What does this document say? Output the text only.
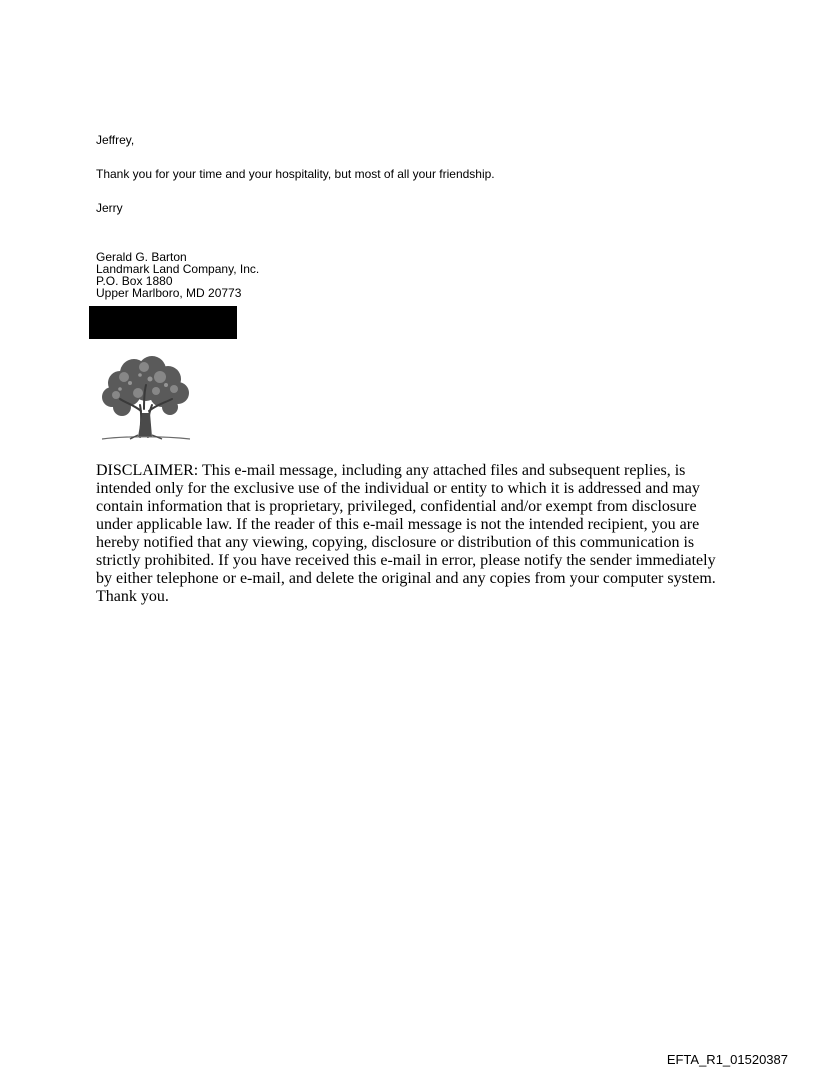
Jeffrey,
Thank you for your time and your hospitality, but most of all your friendship.
Jerry
Gerald G. Barton
Landmark Land Company, Inc.
P.O. Box 1880
Upper Marlboro, MD 20773
DISCLAIMER: This e-mail message, including any attached files and subsequent replies, is
intended only for the exclusive use of the individual or entity to which it is addressed and may
contain information that is proprietary, privileged, confidential and/or exempt from disclosure
under applicable law. If the reader of this e-mail message is not the intended recipient, you are
hereby notified that any viewing, copying, disclosure or distribution of this communication is
strictly prohibited. If you have received this e-mail in error, please notify the sender immediately
by either telephone or e-mail, and delete the original and any copies from your computer system.
Thank you.
EFTA_R1_01520387
